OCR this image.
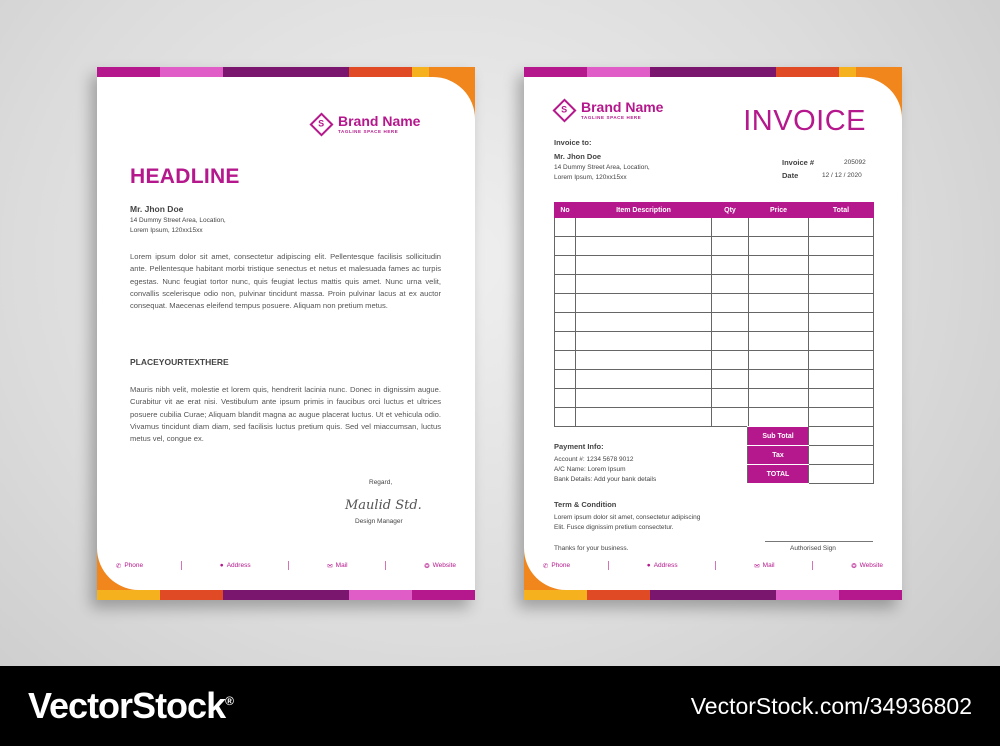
S Brand Name
TAGLINE SPACE HERE
HEADLINE
Mr. Jhon Doe
14 Dummy Street Area, Location,
Lorem Ipsum, 120xx15xx
Lorem ipsum dolor sit amet, consectetur adipiscing elit. Pellentesque facilisis sollicitudin ante. Pellentesque habitant morbi tristique senectus et netus et malesuada fames ac turpis egestas. Nunc feugiat tortor nunc, quis feugiat lectus mattis quis amet. Nunc urna velit, convallis scelerisque odio non, pulvinar tincidunt massa. Proin pulvinar lacus at ex auctor consequat. Maecenas eleifend tempus posuere. Aliquam non pretium metus.
PLACEYOURTEXTHERE
Mauris nibh velit, molestie et lorem quis, hendrerit lacinia nunc. Donec in dignissim augue. Curabitur vit ae erat nisi. Vestibulum ante ipsum primis in faucibus orci luctus et ultrices posuere cubilia Curae; Aliquam blandit magna ac augue placerat luctus. Ut et vehicula odio. Vivamus tincidunt diam diam, sed facilisis luctus pretium quis. Sed vel miaccumsan, luctus metus vel, congue ex.
Regard,
Maulid Std.
Design Manager
✆ Phone	● Address	✉ Mail	❂ Website
S Brand Name
TAGLINE SPACE HERE	INVOICE
Invoice to:
Mr. Jhon Doe
14 Dummy Street Area, Location,
Lorem Ipsum, 120xx15xx
Invoice #	205092
Date	12 / 12 / 2020
No	Item Description	Qty	Price	Total

Sub Total	
Tax	
TOTAL	
Payment Info:
Account #: 1234 5678 9012
A/C Name: Lorem Ipsum
Bank Details: Add your bank details
Term & Condition
Lorem ipsum dolor sit amet, consectetur adipiscing
Elit. Fusce dignissim pretium consectetur.
Thanks for your business.	Authorised Sign
✆ Phone	● Address	✉ Mail	❂ Website
VectorStock®	VectorStock.com/34936802
